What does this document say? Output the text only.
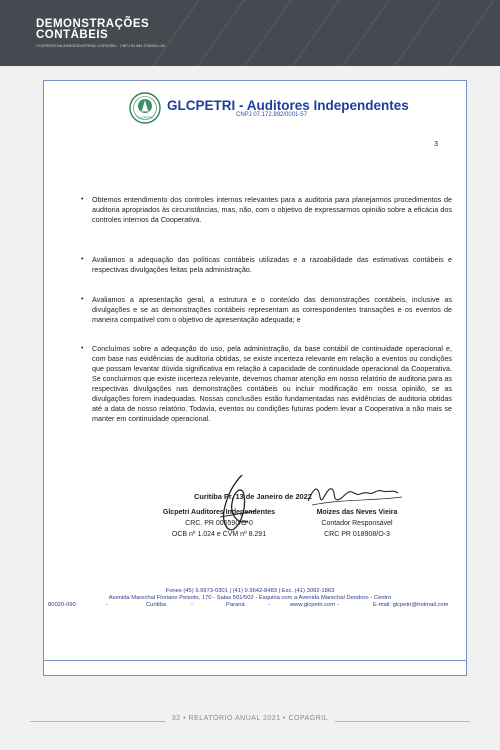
DEMONSTRAÇÕES
CONTÁBEIS
COOPERATIVA AGROINDUSTRIAL COPAGRIL - CNPJ 81.584.278/0001-55
GLCPETRI
GLCPETRI - Auditores Independentes
CNPJ 07.172.892/0001-57
3
• Obtemos entendimento dos controles internos relevantes para a auditoria para planejarmos procedimentos de auditoria apropriados às circunstâncias, mas, não, com o objetivo de expressarmos opinião sobre a eficácia dos controles internos da Cooperativa.

• Avaliamos a adequação das políticas contábeis utilizadas e a razoabilidade das estimativas contábeis e respectivas divulgações feitas pela administração.

• Avaliamos a apresentação geral, a estrutura e o conteúdo das demonstrações contábeis, inclusive as divulgações e se as demonstrações contábeis representam as correspondentes transações e os eventos de maneira compatível com o objetivo de apresentação adequada; e

• Concluímos sobre a adequação do uso, pela administração, da base contábil de continuidade operacional e, com base nas evidências de auditoria obtidas, se existe incerteza relevante em relação a eventos ou condições que possam levantar dúvida significativa em relação à capacidade de continuidade operacional da Cooperativa. Se concluirmos que existe incerteza relevante, devemos chamar atenção em nosso relatório de auditoria para as respectivas divulgações nas demonstrações contábeis ou incluir modificação em nossa opinião, se as divulgações forem inadequadas. Nossas conclusões estão fundamentadas nas evidências de auditoria obtidas até a data de nosso relatório. Todavia, eventos ou condições futuras podem levar a Cooperativa a não mais se manter em continuidade operacional.

Curitiba Pr, 13 de Janeiro de 2022
Glcpetri Auditores Independentes
CRC. PR 005590/O-0
OCB nº 1.024 e CVM nº 8.291
Moizes das Neves Vieira
Contador Responsável
CRC PR 018908/O-3
Fones (45) 9.9973-0301 | (41) 9.9642-8483 | Esc. (41) 3092-1863
Avenida Marechal Floriano Peixoto, 170 - Salas 501/502 - Esquina com a Avenida Marechal Deodoro - Centro
80020-090	-	Curitiba	-	Paraná	-	www.glcpetri.com -	E-mail: glcpetri@hotmail.com
32 • RELATÓRIO ANUAL 2021 • COPAGRIL
